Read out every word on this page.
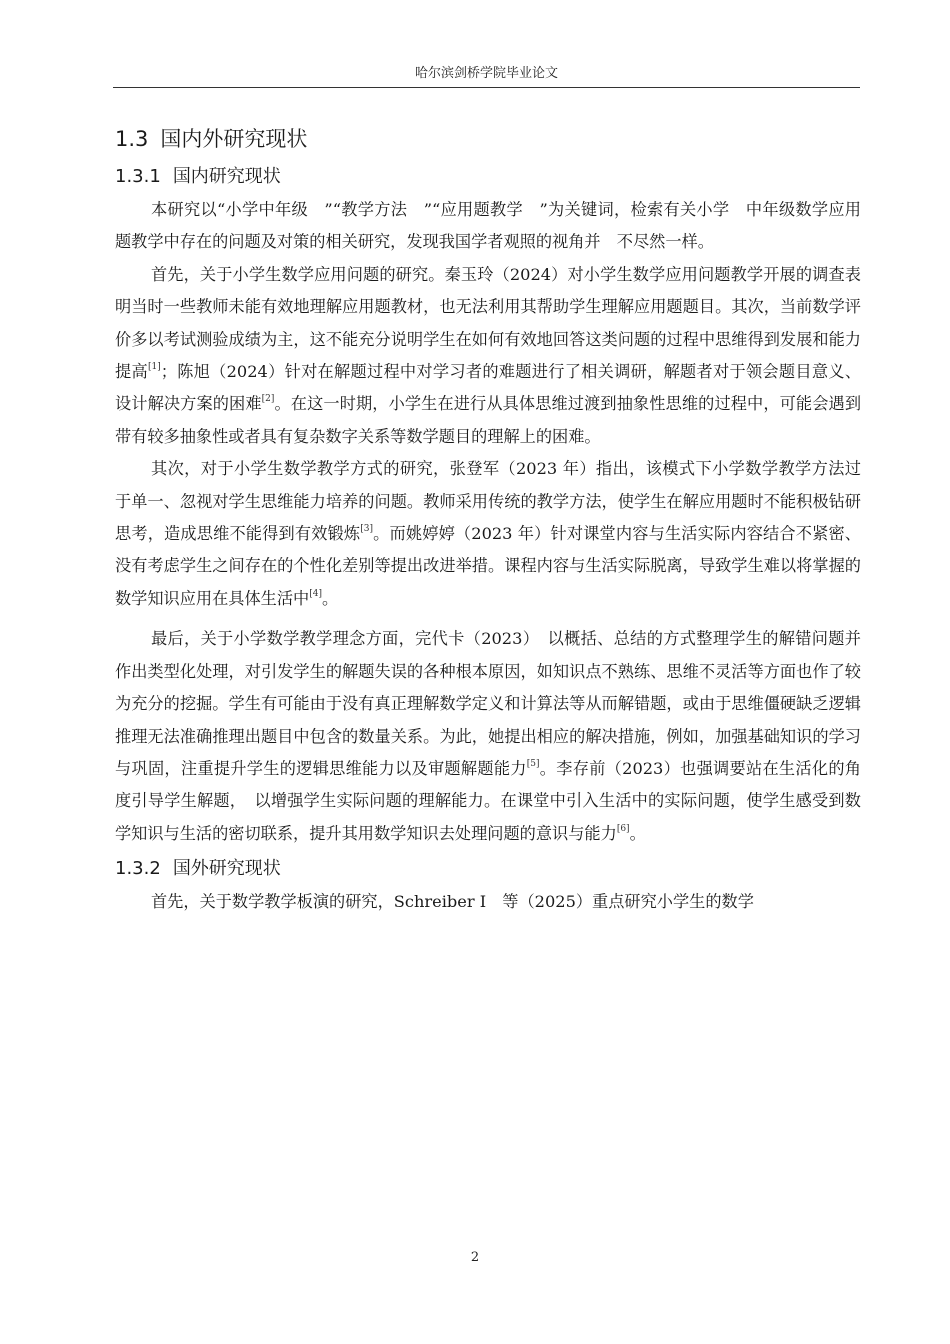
哈尔滨剑桥学院毕业论文
1.3 国内外研究现状
1.3.1 国内研究现状

本研究以“小学中年级　”“教学方法　”“应用题教学　”为关键词，检索有关小学　中年级数学应用题教学中存在的问题及对策的相关研究，发现我国学者观照的视角并　不尽然一样。

首先，关于小学生数学应用问题的研究。秦玉玲（2024）对小学生数学应用问题教学开展的调查表明当时一些教师未能有效地理解应用题教材，也无法利用其帮助学生理解应用题题目。其次，当前数学评价多以考试测验成绩为主，这不能充分说明学生在如何有效地回答这类问题的过程中思维得到发展和能力提高[1]；陈旭（2024）针对在解题过程中对学习者的难题进行了相关调研，解题者对于领会题目意义、设计解决方案的困难[2]。在这一时期，小学生在进行从具体思维过渡到抽象性思维的过程中，可能会遇到带有较多抽象性或者具有复杂数字关系等数学题目的理解上的困难。

其次，对于小学生数学教学方式的研究，张登军（2023 年）指出，该模式下小学数学教学方法过于单一、忽视对学生思维能力培养的问题。教师采用传统的教学方法，使学生在解应用题时不能积极钻研思考，造成思维不能得到有效锻炼[3]。而姚婷婷（2023 年）针对课堂内容与生活实际内容结合不紧密、没有考虑学生之间存在的个性化差别等提出改进举措。课程内容与生活实际脱离，导致学生难以将掌握的数学知识应用在具体生活中[4]。

最后，关于小学数学教学理念方面，完代卡（2023）　以概括、总结的方式整理学生的解错问题并作出类型化处理，对引发学生的解题失误的各种根本原因，如知识点不熟练、思维不灵活等方面也作了较为充分的挖掘。学生有可能由于没有真正理解数学定义和计算法等从而解错题，或由于思维僵硬缺乏逻辑推理无法准确推理出题目中包含的数量关系。为此，她提出相应的解决措施，例如，加强基础知识的学习与巩固，注重提升学生的逻辑思维能力以及审题解题能力[5]。李存前（2023）也强调要站在生活化的角度引导学生解题，　以增强学生实际问题的理解能力。在课堂中引入生活中的实际问题，使学生感受到数学知识与生活的密切联系，提升其用数学知识去处理问题的意识与能力[6]。

1.3.2 国外研究现状

首先，关于数学教学板演的研究，Schreiber I　等（2025）重点研究小学生的数学

2
